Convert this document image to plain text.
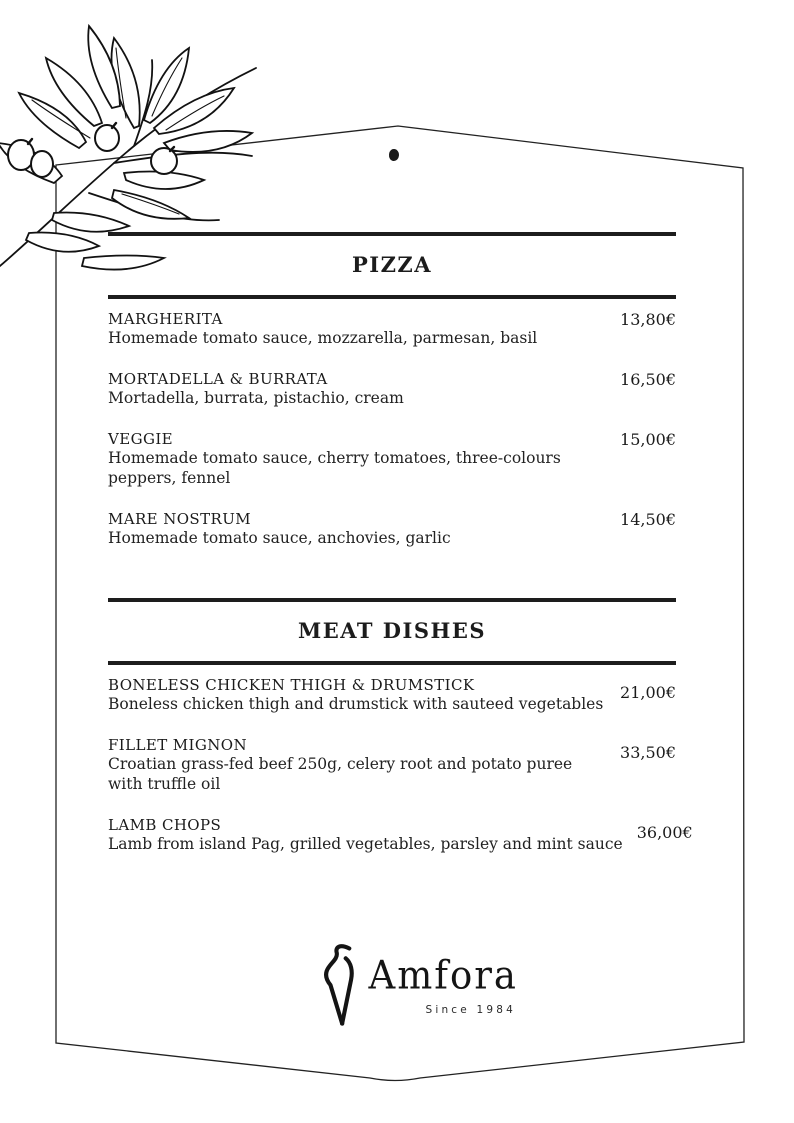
PIZZA
MARGHERITA
Homemade tomato sauce, mozzarella, parmesan, basil
13,80€
MORTADELLA & BURRATA
Mortadella, burrata, pistachio, cream
16,50€
VEGGIE
Homemade tomato sauce, cherry tomatoes, three-colours peppers, fennel
15,00€
MARE NOSTRUM
Homemade tomato sauce, anchovies, garlic
14,50€
MEAT DISHES
BONELESS CHICKEN THIGH & DRUMSTICK
Boneless chicken thigh and drumstick with sauteed vegetables
21,00€
FILLET MIGNON
Croatian grass-fed beef 250g, celery root and potato puree with truffle oil
33,50€
LAMB CHOPS
Lamb from island Pag, grilled vegetables, parsley and mint sauce
36,00€
Amfora
Since 1984
